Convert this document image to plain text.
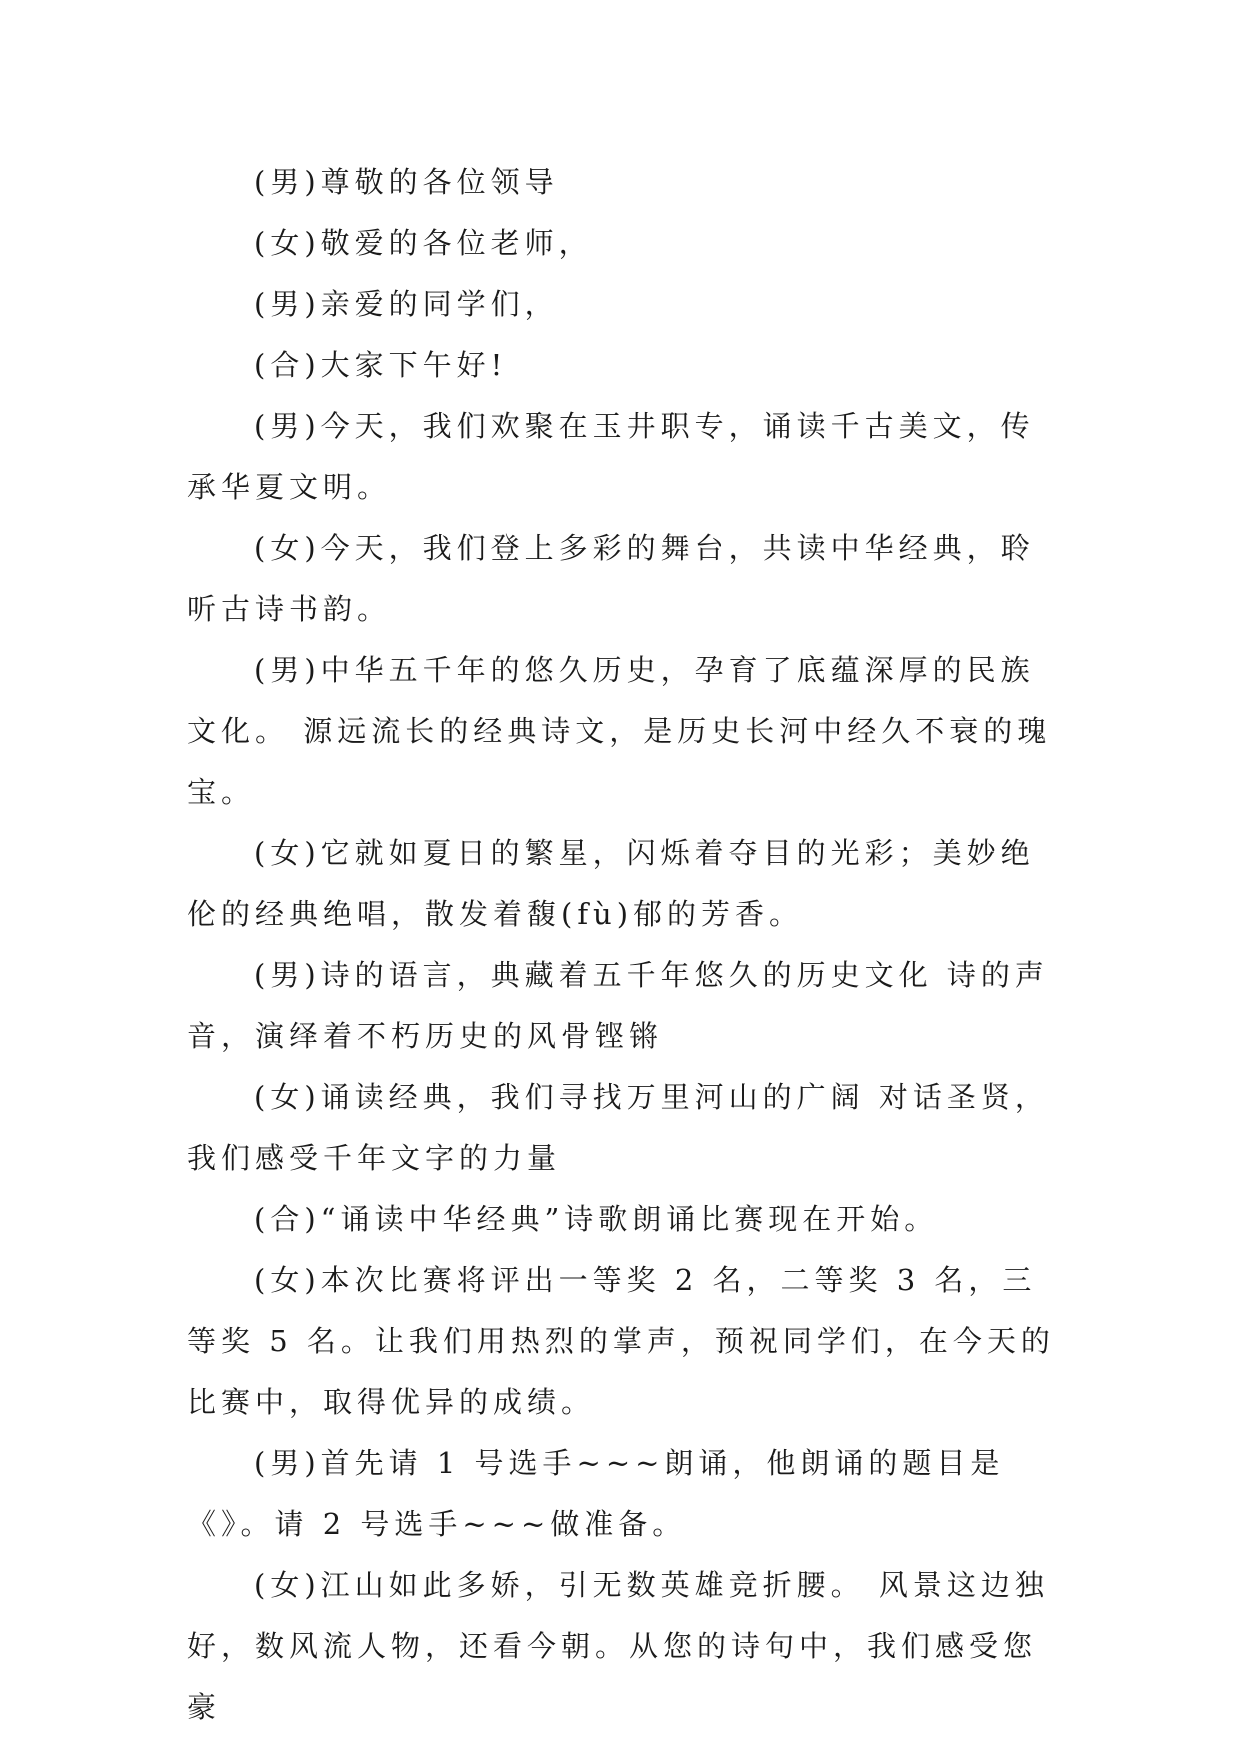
(男)尊敬的各位领导

(女)敬爱的各位老师，

(男)亲爱的同学们，

(合)大家下午好!

(男)今天，我们欢聚在玉井职专，诵读千古美文，传承华夏文明。

(女)今天，我们登上多彩的舞台，共读中华经典，聆听古诗书韵。

(男)中华五千年的悠久历史，孕育了底蕴深厚的民族文化。 源远流长的经典诗文，是历史长河中经久不衰的瑰宝。

(女)它就如夏日的繁星，闪烁着夺目的光彩；美妙绝伦的经典绝唱，散发着馥(fù)郁的芳香。

(男)诗的语言，典藏着五千年悠久的历史文化 诗的声音，演绎着不朽历史的风骨铿锵

(女)诵读经典，我们寻找万里河山的广阔 对话圣贤，我们感受千年文字的力量

(合)“诵读中华经典”诗歌朗诵比赛现在开始。

(女)本次比赛将评出一等奖 2 名，二等奖 3 名，三等奖 5 名。让我们用热烈的掌声，预祝同学们，在今天的比赛中，取得优异的成绩。

(男)首先请 1 号选手~~~朗诵，他朗诵的题目是《》。请 2 号选手~~~做准备。

(女)江山如此多娇，引无数英雄竞折腰。 风景这边独好，数风流人物，还看今朝。从您的诗句中，我们感受您豪
